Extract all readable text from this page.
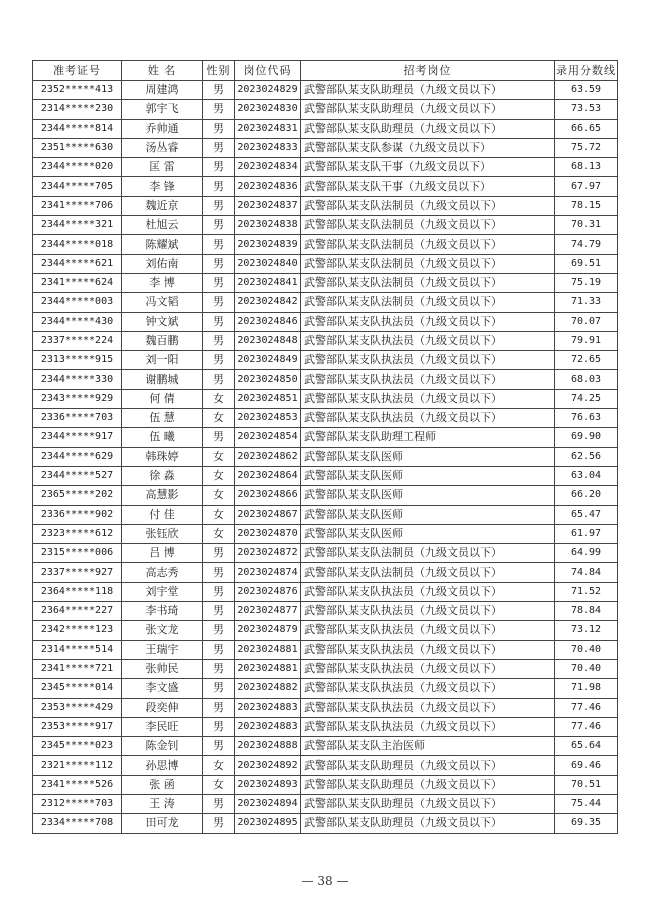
准考证号	姓 名	性别	岗位代码	招考岗位	录用分数线
2352*****413	周建鸿	男	2023024829	武警部队某支队助理员（九级文员以下）	63.59
2314*****230	郭宇飞	男	2023024830	武警部队某支队助理员（九级文员以下）	73.53
2344*****814	乔帅通	男	2023024831	武警部队某支队助理员（九级文员以下）	66.65
2351*****630	汤丛睿	男	2023024833	武警部队某支队参谋（九级文员以下）	75.72
2344*****020	匡 雷	男	2023024834	武警部队某支队干事（九级文员以下）	68.13
2344*****705	李 锋	男	2023024836	武警部队某支队干事（九级文员以下）	67.97
2341*****706	魏近京	男	2023024837	武警部队某支队法制员（九级文员以下）	78.15
2344*****321	杜旭云	男	2023024838	武警部队某支队法制员（九级文员以下）	70.31
2344*****018	陈耀斌	男	2023024839	武警部队某支队法制员（九级文员以下）	74.79
2344*****621	刘佑南	男	2023024840	武警部队某支队法制员（九级文员以下）	69.51
2341*****624	李 博	男	2023024841	武警部队某支队法制员（九级文员以下）	75.19
2344*****003	冯文韬	男	2023024842	武警部队某支队法制员（九级文员以下）	71.33
2344*****430	钟文斌	男	2023024846	武警部队某支队执法员（九级文员以下）	70.07
2337*****224	魏百鹏	男	2023024848	武警部队某支队执法员（九级文员以下）	79.91
2313*****915	刘一阳	男	2023024849	武警部队某支队执法员（九级文员以下）	72.65
2344*****330	谢鹏城	男	2023024850	武警部队某支队执法员（九级文员以下）	68.03
2343*****929	何 倩	女	2023024851	武警部队某支队执法员（九级文员以下）	74.25
2336*****703	伍 慧	女	2023024853	武警部队某支队执法员（九级文员以下）	76.63
2344*****917	伍 曦	男	2023024854	武警部队某支队助理工程师	69.90
2344*****629	韩珠婷	女	2023024862	武警部队某支队医师	62.56
2344*****527	徐 淼	女	2023024864	武警部队某支队医师	63.04
2365*****202	高慧影	女	2023024866	武警部队某支队医师	66.20
2336*****902	付 佳	女	2023024867	武警部队某支队医师	65.47
2323*****612	张钰欣	女	2023024870	武警部队某支队医师	61.97
2315*****006	吕 博	男	2023024872	武警部队某支队法制员（九级文员以下）	64.99
2337*****927	高志秀	男	2023024874	武警部队某支队法制员（九级文员以下）	74.84
2364*****118	刘宇堂	男	2023024876	武警部队某支队执法员（九级文员以下）	71.52
2364*****227	李书琦	男	2023024877	武警部队某支队执法员（九级文员以下）	78.84
2342*****123	张文龙	男	2023024879	武警部队某支队执法员（九级文员以下）	73.12
2314*****514	王瑞宇	男	2023024881	武警部队某支队执法员（九级文员以下）	70.40
2341*****721	张帅民	男	2023024881	武警部队某支队执法员（九级文员以下）	70.40
2345*****014	李文盛	男	2023024882	武警部队某支队执法员（九级文员以下）	71.98
2353*****429	段奕伸	男	2023024883	武警部队某支队执法员（九级文员以下）	77.46
2353*****917	李民旺	男	2023024883	武警部队某支队执法员（九级文员以下）	77.46
2345*****023	陈金钊	男	2023024888	武警部队某支队主治医师	65.64
2321*****112	孙思博	女	2023024892	武警部队某支队助理员（九级文员以下）	69.46
2341*****526	张 函	女	2023024893	武警部队某支队助理员（九级文员以下）	70.51
2312*****703	王 涛	男	2023024894	武警部队某支队助理员（九级文员以下）	75.44
2334*****708	田可龙	男	2023024895	武警部队某支队助理员（九级文员以下）	69.35
— 38 —
